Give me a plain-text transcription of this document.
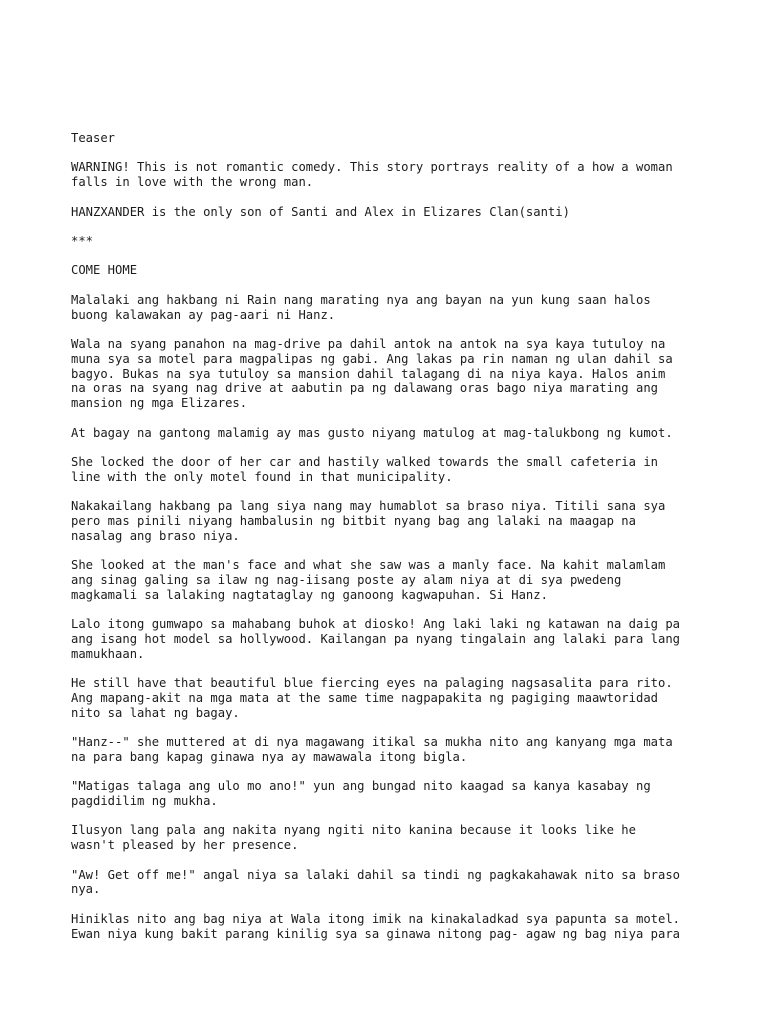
Teaser
WARNING! This is not romantic comedy. This story portrays reality of a how a woman
falls in love with the wrong man.
HANZXANDER is the only son of Santi and Alex in Elizares Clan(santi)
***
COME HOME
Malalaki ang hakbang ni Rain nang marating nya ang bayan na yun kung saan halos
buong kalawakan ay pag-aari ni Hanz.
Wala na syang panahon na mag-drive pa dahil antok na antok na sya kaya tutuloy na
muna sya sa motel para magpalipas ng gabi. Ang lakas pa rin naman ng ulan dahil sa
bagyo. Bukas na sya tutuloy sa mansion dahil talagang di na niya kaya. Halos anim
na oras na syang nag drive at aabutin pa ng dalawang oras bago niya marating ang
mansion ng mga Elizares.
At bagay na gantong malamig ay mas gusto niyang matulog at mag-talukbong ng kumot.
She locked the door of her car and hastily walked towards the small cafeteria in
line with the only motel found in that municipality.
Nakakailang hakbang pa lang siya nang may humablot sa braso niya. Titili sana sya
pero mas pinili niyang hambalusin ng bitbit nyang bag ang lalaki na maagap na
nasalag ang braso niya.
She looked at the man's face and what she saw was a manly face. Na kahit malamlam
ang sinag galing sa ilaw ng nag-iisang poste ay alam niya at di sya pwedeng
magkamali sa lalaking nagtataglay ng ganoong kagwapuhan. Si Hanz.
Lalo itong gumwapo sa mahabang buhok at diosko! Ang laki laki ng katawan na daig pa
ang isang hot model sa hollywood. Kailangan pa nyang tingalain ang lalaki para lang
mamukhaan.
He still have that beautiful blue fiercing eyes na palaging nagsasalita para rito.
Ang mapang-akit na mga mata at the same time nagpapakita ng pagiging maawtoridad
nito sa lahat ng bagay.
"Hanz--" she muttered at di nya magawang itikal sa mukha nito ang kanyang mga mata
na para bang kapag ginawa nya ay mawawala itong bigla.
"Matigas talaga ang ulo mo ano!" yun ang bungad nito kaagad sa kanya kasabay ng
pagdidilim ng mukha.
Ilusyon lang pala ang nakita nyang ngiti nito kanina because it looks like he
wasn't pleased by her presence.
"Aw! Get off me!" angal niya sa lalaki dahil sa tindi ng pagkakahawak nito sa braso
nya.
Hiniklas nito ang bag niya at Wala itong imik na kinakaladkad sya papunta sa motel.
Ewan niya kung bakit parang kinilig sya sa ginawa nitong pag- agaw ng bag niya para
